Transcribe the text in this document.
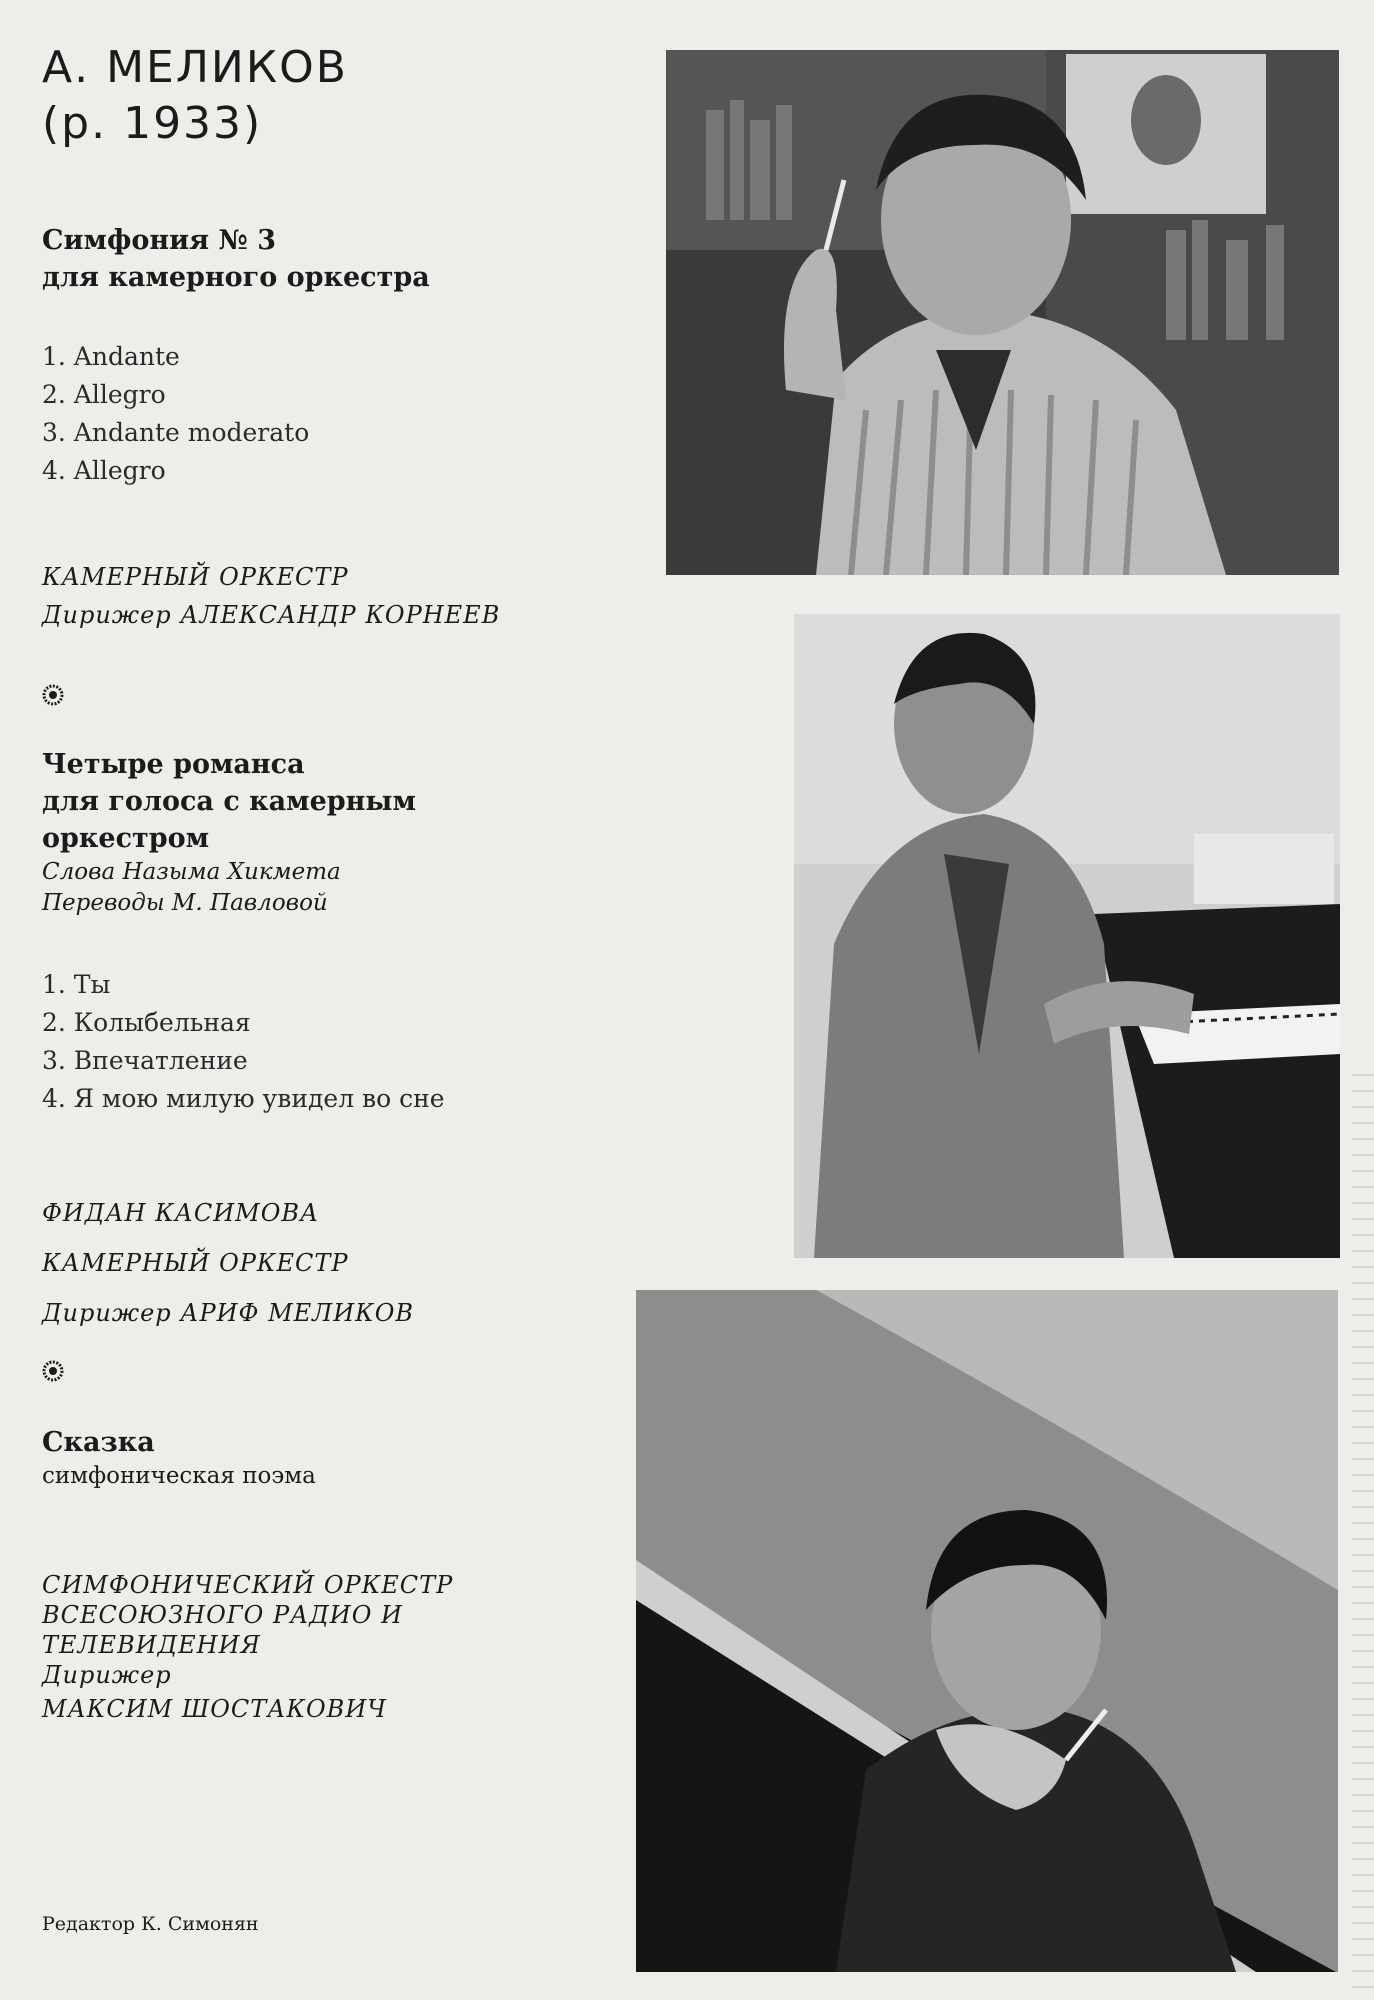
А. МЕЛИКОВ
(р. 1933)
Симфония № 3
для камерного оркестра
1. Andante
2. Allegro
3. Andante moderato
4. Allegro
КАМЕРНЫЙ ОРКЕСТР
Дирижер АЛЕКСАНДР КОРНЕЕВ
Четыре романса
для голоса с камерным
оркестром
Слова Назыма Хикмета
Переводы М. Павловой
1. Ты
2. Колыбельная
3. Впечатление
4. Я мою милую увидел во сне
ФИДАН КАСИМОВА
КАМЕРНЫЙ ОРКЕСТР
Дирижер АРИФ МЕЛИКОВ
Сказка
симфоническая поэма
СИМФОНИЧЕСКИЙ ОРКЕСТР
ВСЕСОЮЗНОГО РАДИО И
ТЕЛЕВИДЕНИЯ
Дирижер
МАКСИМ ШОСТАКОВИЧ
Редактор К. Симонян
